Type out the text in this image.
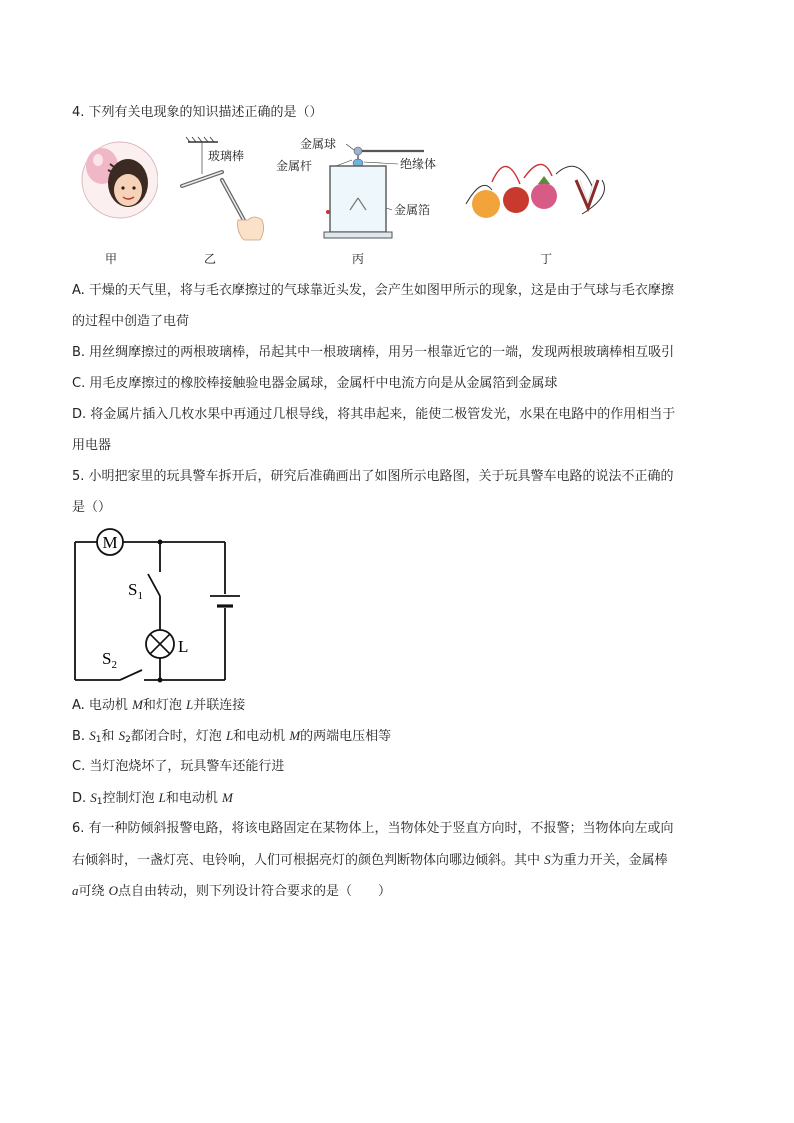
4. 下列有关电现象的知识描述正确的是（）
甲
玻璃棒
乙
金属球
金属杆	绝缘体
金属箔
丙	丁
A. 干燥的天气里，将与毛衣摩擦过的气球靠近头发，会产生如图甲所示的现象，这是由于气球与毛衣摩擦
的过程中创造了电荷
B. 用丝绸摩擦过的两根玻璃棒，吊起其中一根玻璃棒，用另一根靠近它的一端，发现两根玻璃棒相互吸引
C. 用毛皮摩擦过的橡胶棒接触验电器金属球，金属杆中电流方向是从金属箔到金属球
D. 将金属片插入几枚水果中再通过几根导线，将其串起来，能使二极管发光，水果在电路中的作用相当于
用电器
5. 小明把家里的玩具警车拆开后，研究后准确画出了如图所示电路图，关于玩具警车电路的说法不正确的
是（）
M
$S_2$
$S_1$
L
A. 电动机 M和灯泡 L并联连接
B. $S_1$和 $S_2$都闭合时，灯泡 L和电动机 M的两端电压相等
C. 当灯泡烧坏了，玩具警车还能行进
D. $S_1$控制灯泡 L和电动机 M
6. 有一种防倾斜报警电路，将该电路固定在某物体上，当物体处于竖直方向时，不报警；当物体向左或向
右倾斜时，一盏灯亮、电铃响，人们可根据亮灯的颜色判断物体向哪边倾斜。其中 S为重力开关，金属棒
a可绕 O点自由转动，则下列设计符合要求的是（　　）
